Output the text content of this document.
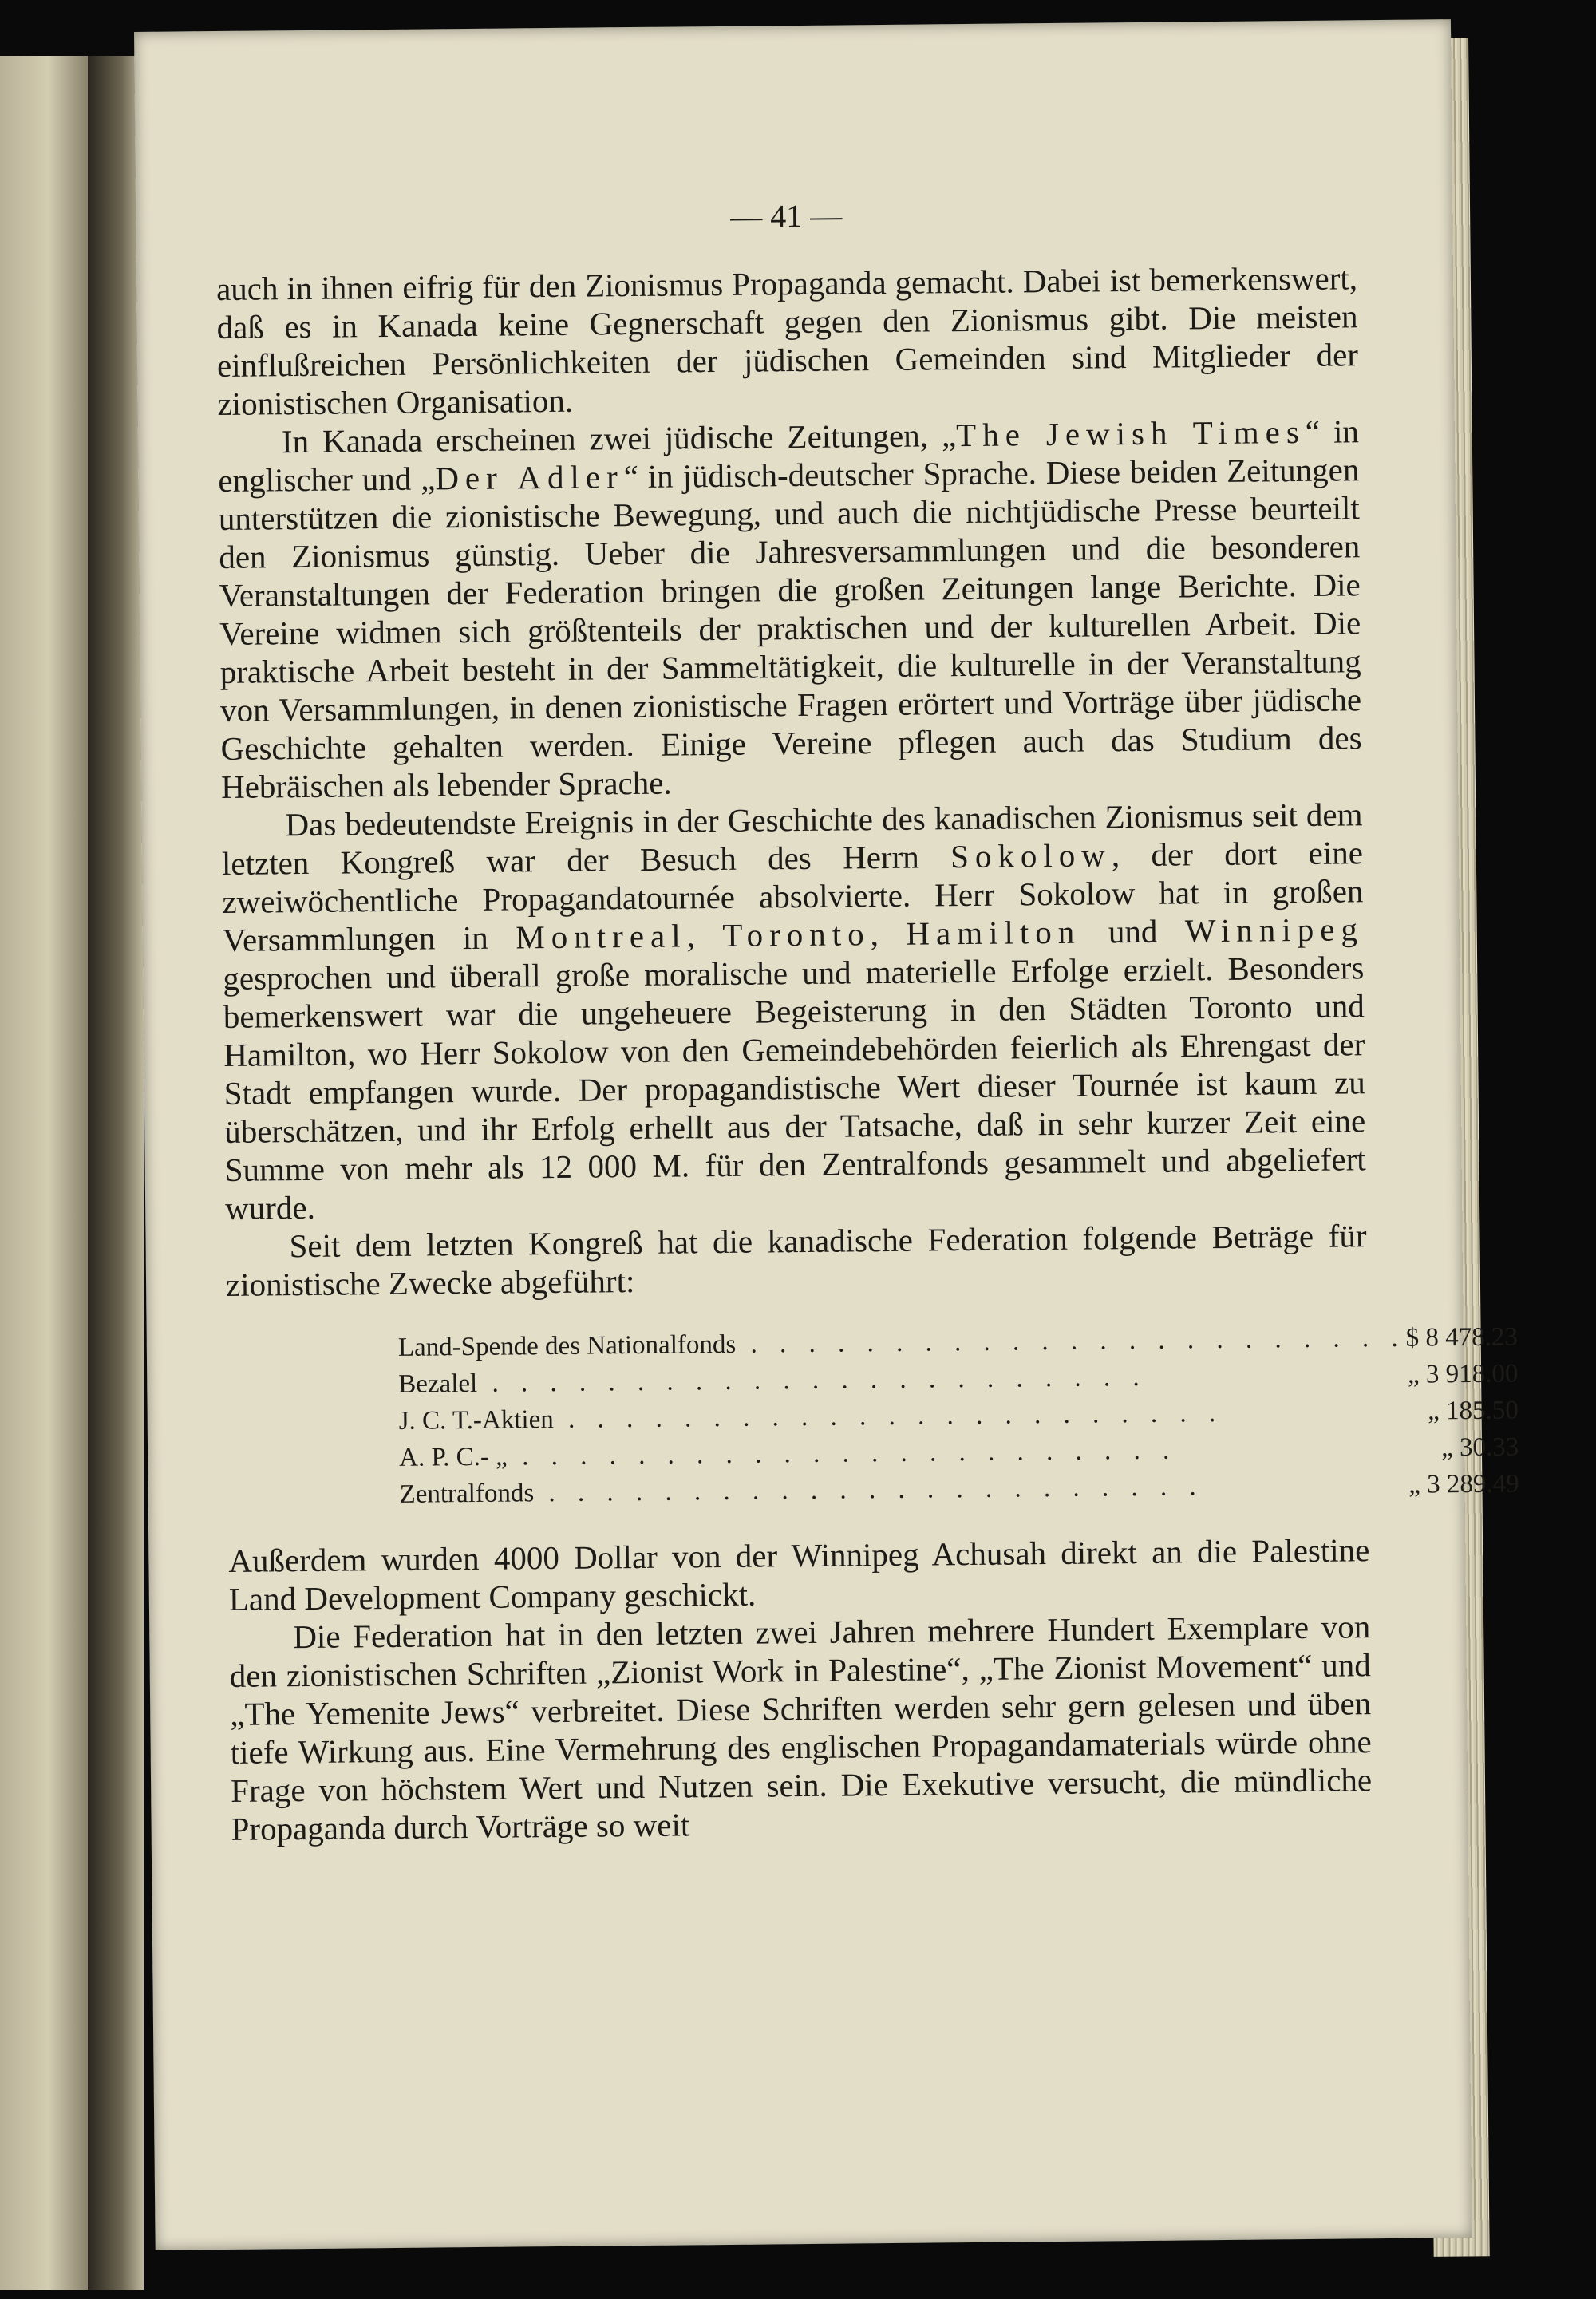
— 41 —

auch in ihnen eifrig für den Zionismus Propaganda gemacht. Dabei ist bemerkenswert, daß es in Kanada keine Gegnerschaft gegen den Zionismus gibt. Die meisten einflußreichen Persönlichkeiten der jüdischen Gemeinden sind Mitglieder der zionistischen Organisation.

In Kanada erscheinen zwei jüdische Zeitungen, „The Jewish Times“ in englischer und „Der Adler“ in jüdisch-deutscher Sprache. Diese beiden Zeitungen unterstützen die zionistische Bewegung, und auch die nichtjüdische Presse beurteilt den Zionismus günstig. Ueber die Jahresversammlungen und die besonderen Veranstaltungen der Federation bringen die großen Zeitungen lange Berichte. Die Vereine widmen sich größtenteils der praktischen und der kulturellen Arbeit. Die praktische Arbeit besteht in der Sammeltätigkeit, die kulturelle in der Veranstaltung von Versammlungen, in denen zionistische Fragen erörtert und Vorträge über jüdische Geschichte gehalten werden. Einige Vereine pflegen auch das Studium des Hebräischen als lebender Sprache.

Das bedeutendste Ereignis in der Geschichte des kanadischen Zionismus seit dem letzten Kongreß war der Besuch des Herrn Sokolow, der dort eine zweiwöchentliche Propagandatournée absolvierte. Herr Sokolow hat in großen Versammlungen in Montreal, Toronto, Hamilton und Winnipeg gesprochen und überall große moralische und materielle Erfolge erzielt. Besonders bemerkenswert war die ungeheuere Begeisterung in den Städten Toronto und Hamilton, wo Herr Sokolow von den Gemeindebehörden feierlich als Ehrengast der Stadt empfangen wurde. Der propagandistische Wert dieser Tournée ist kaum zu überschätzen, und ihr Erfolg erhellt aus der Tatsache, daß in sehr kurzer Zeit eine Summe von mehr als 12 000 M. für den Zentralfonds gesammelt und abgeliefert wurde.

Seit dem letzten Kongreß hat die kanadische Federation folgende Beträge für zionistische Zwecke abgeführt:

Land-Spende des Nationalfonds . . . . . . . . . . . . . . . . . . . . . . .	$ 8 478.23
Bezalel . . . . . . . . . . . . . . . . . . . . . . .	„ 3 918.00
J. C. T.-Aktien . . . . . . . . . . . . . . . . . . . . . . .	„ 185.50
A. P. C.- „ . . . . . . . . . . . . . . . . . . . . . . .	„ 30.33
Zentralfonds . . . . . . . . . . . . . . . . . . . . . . .	„ 3 289.49

Außerdem wurden 4000 Dollar von der Winnipeg Achusah direkt an die Palestine Land Development Company geschickt.

Die Federation hat in den letzten zwei Jahren mehrere Hundert Exemplare von den zionistischen Schriften „Zionist Work in Palestine“, „The Zionist Movement“ und „The Yemenite Jews“ verbreitet. Diese Schriften werden sehr gern gelesen und üben tiefe Wirkung aus. Eine Vermehrung des englischen Propagandamaterials würde ohne Frage von höchstem Wert und Nutzen sein. Die Exekutive versucht, die mündliche Propaganda durch Vorträge so weit
